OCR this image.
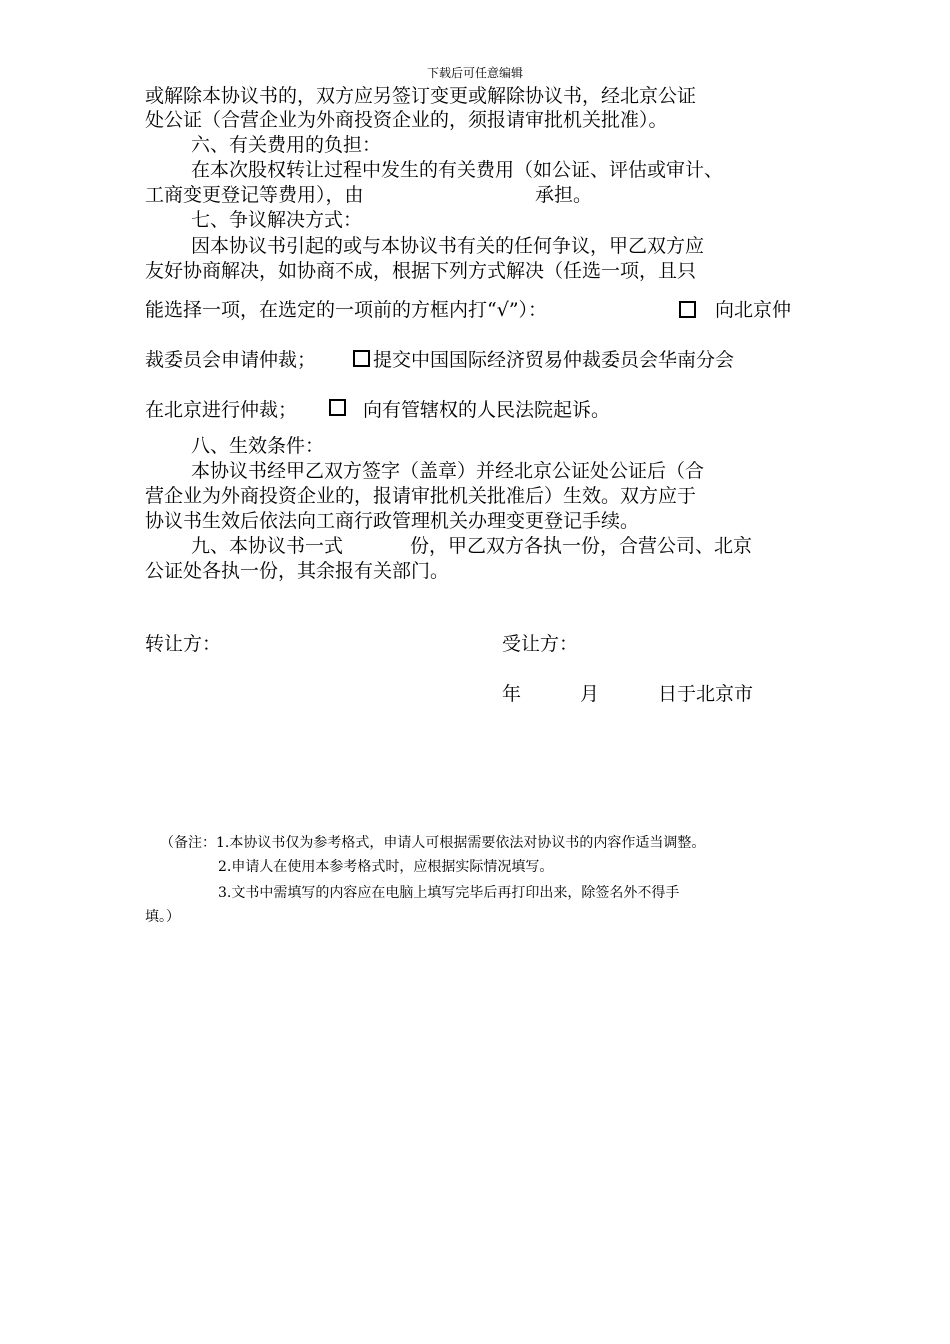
下载后可任意编辑
或解除本协议书的，双方应另签订变更或解除协议书，经北京公证
处公证（合营企业为外商投资企业的，须报请审批机关批准）。
六、有关费用的负担：
在本次股权转让过程中发生的有关费用（如公证、评估或审计、
工商变更登记等费用），由	承担。
七、争议解决方式：
因本协议书引起的或与本协议书有关的任何争议，甲乙双方应
友好协商解决，如协商不成，根据下列方式解决（任选一项，且只
能选择一项，在选定的一项前的方框内打“√”）：	向北京仲
裁委员会申请仲裁；	提交中国国际经济贸易仲裁委员会华南分会
在北京进行仲裁；	向有管辖权的人民法院起诉。
八、生效条件：
本协议书经甲乙双方签字（盖章）并经北京公证处公证后（合
营企业为外商投资企业的，报请审批机关批准后）生效。双方应于
协议书生效后依法向工商行政管理机关办理变更登记手续。
九、本协议书一式	份，甲乙双方各执一份，合营公司、北京
公证处各执一份，其余报有关部门。
转让方：	受让方：
年	月	日于北京市
（备注：1.本协议书仅为参考格式，申请人可根据需要依法对协议书的内容作适当调整。
2.申请人在使用本参考格式时，应根据实际情况填写。
3.文书中需填写的内容应在电脑上填写完毕后再打印出来，除签名外不得手
填。）
